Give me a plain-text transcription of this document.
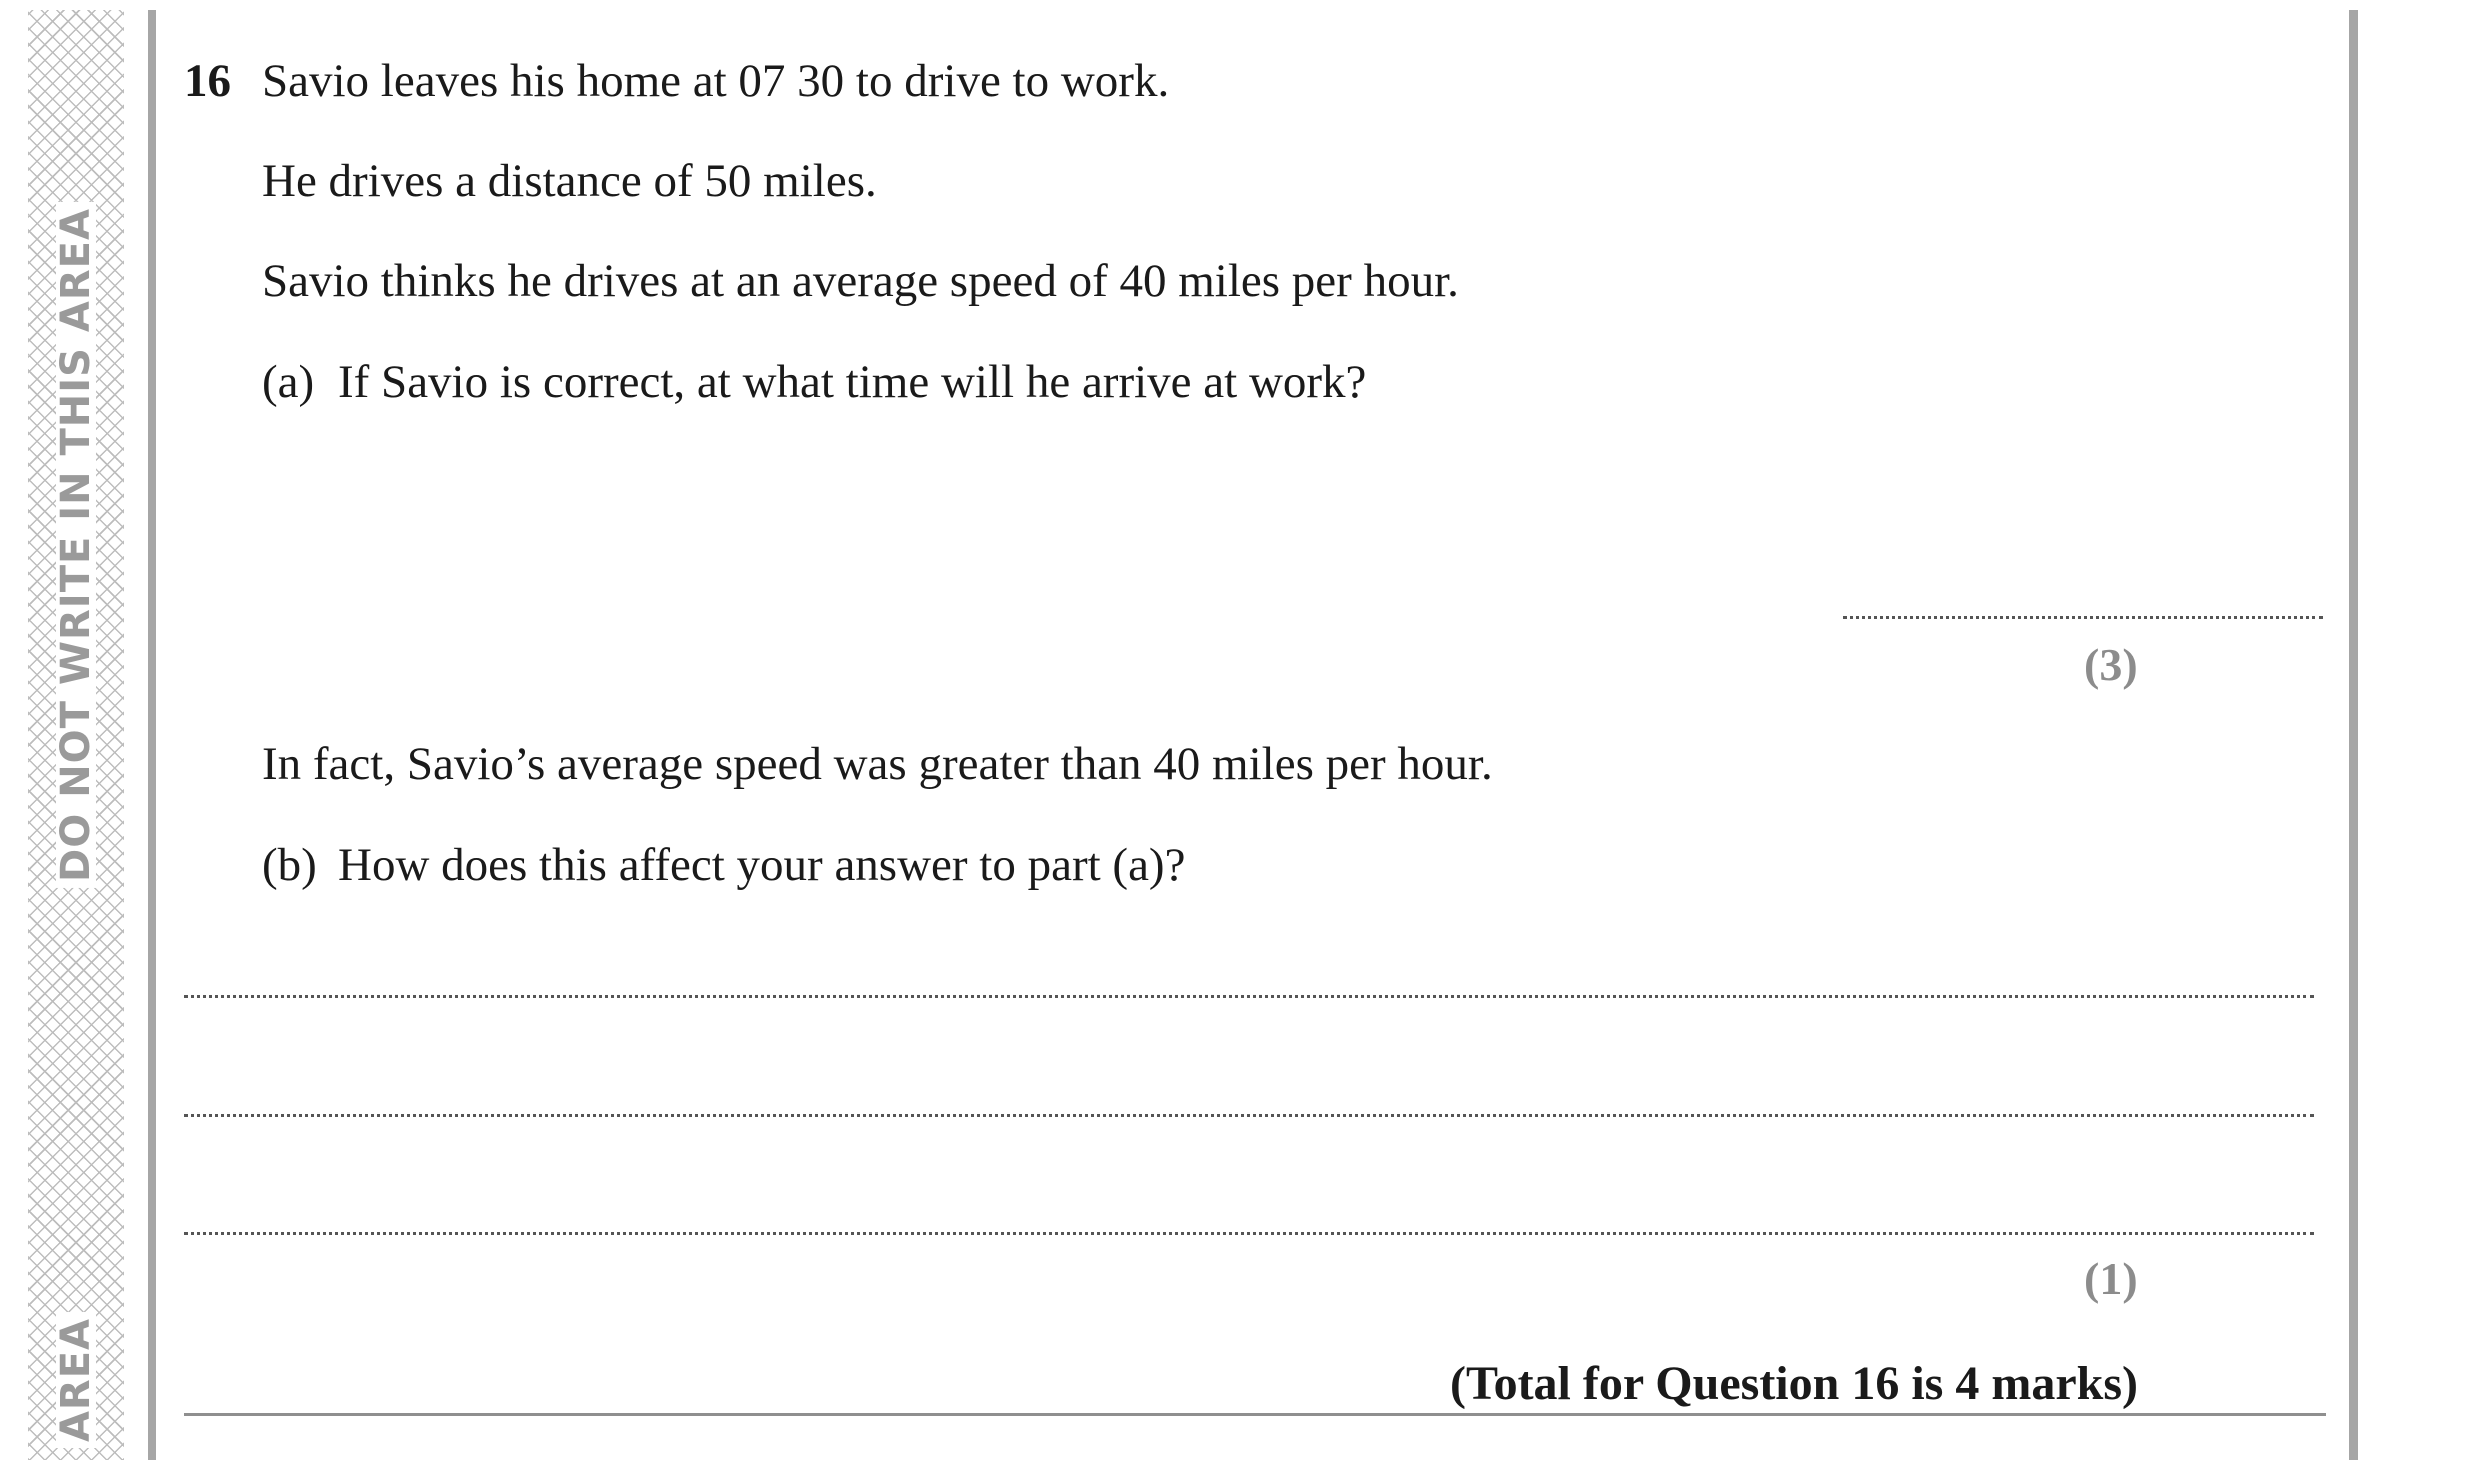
DO NOT WRITE IN THIS AREA
AREA
16 Savio leaves his home at 07 30 to drive to work.
He drives a distance of 50 miles.
Savio thinks he drives at an average speed of 40 miles per hour.
(a) If Savio is correct, at what time will he arrive at work?
(3)
In fact, Savio’s average speed was greater than 40 miles per hour.
(b) How does this affect your answer to part (a)?
(1)
(Total for Question 16 is 4 marks)
